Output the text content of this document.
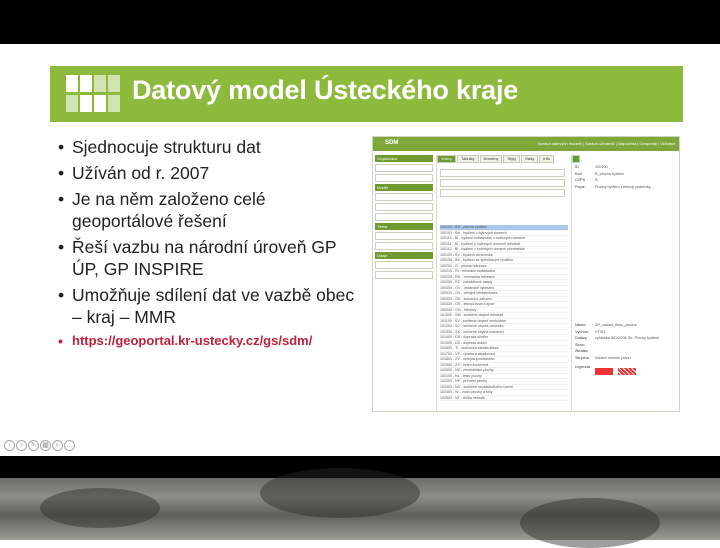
Datový model Ústeckého kraje
• Sjednocuje strukturu dat
• Užíván od r. 2007
• Je na něm založeno celé geoportálové řešení
• Řeší vazbu na národní úroveň GP ÚP, GP INSPIRE
• Umožňuje sdílení dat ve vazbě obec – kraj – MMR
• https://geoportal.kr-ustecky.cz/gs/sdm/
SDM	Správa datových modelů | Správa uživatelů | Nápověda | Geoportál | Odhlásit
Organizace
Model
Téma
Údaje
Vrstvy	Tabulky	Domény	Styly	Sady	Info
100100 - BH - plocha bydlení
100101 - BH - bydlení v bytových domech
100110 - BI - bydlení individuální v rodinných domech
100111 - BI - bydlení v rodinných domech městské
100112 - BI - bydlení v rodinných domech příměstské
100120 - BV - bydlení venkovské
100130 - BX - bydlení se specifickým využitím
100200 - R - plocha rekreace
100210 - RI - rekreace individuální
100220 - RH - hromadná rekreace
100230 - RZ - zahrádkové osady
100300 - OV - občanské vybavení
100310 - OV - veřejná infrastruktura
100320 - OK - komerční zařízení
100330 - OS - tělovýchova a sport
100340 - OH - hřbitovy
101000 - SM - smíšené obytné městské
101100 - SV - smíšené obytné venkovské
101200 - SC - smíšené obytné centrální
101300 - SK - smíšené obytné komerční
101400 - DS - doprava silniční
101500 - DZ - doprava drážní
101600 - TI - technická infrastruktura
101700 - VP - výroba a skladování
101800 - ZV - veřejná prostranství
101900 - ZS - zeleň soukromá
102000 - NZ - zemědělské plochy
102100 - NL - lesní plochy
102200 - NP - přírodní plochy
102300 - NS - smíšené nezastavěného území
102400 - W - vodní plochy a toky
102500 - NT - těžba nerostů
ID	100100
Kód	B_plocha bydlení
CZPS	B
Popis	Plochy bydlení zahrnují pozemky...
Název	ZP_zadani_fluso_plocha
Výchozí	VTSN
Dotazy	vyhláška 501/2006 Sb. Plochy bydlení
Slovo
Zkratka
Skupina	Zadání územní plánu
Legenda
‹	›	✎ ▦ ⌕ …
